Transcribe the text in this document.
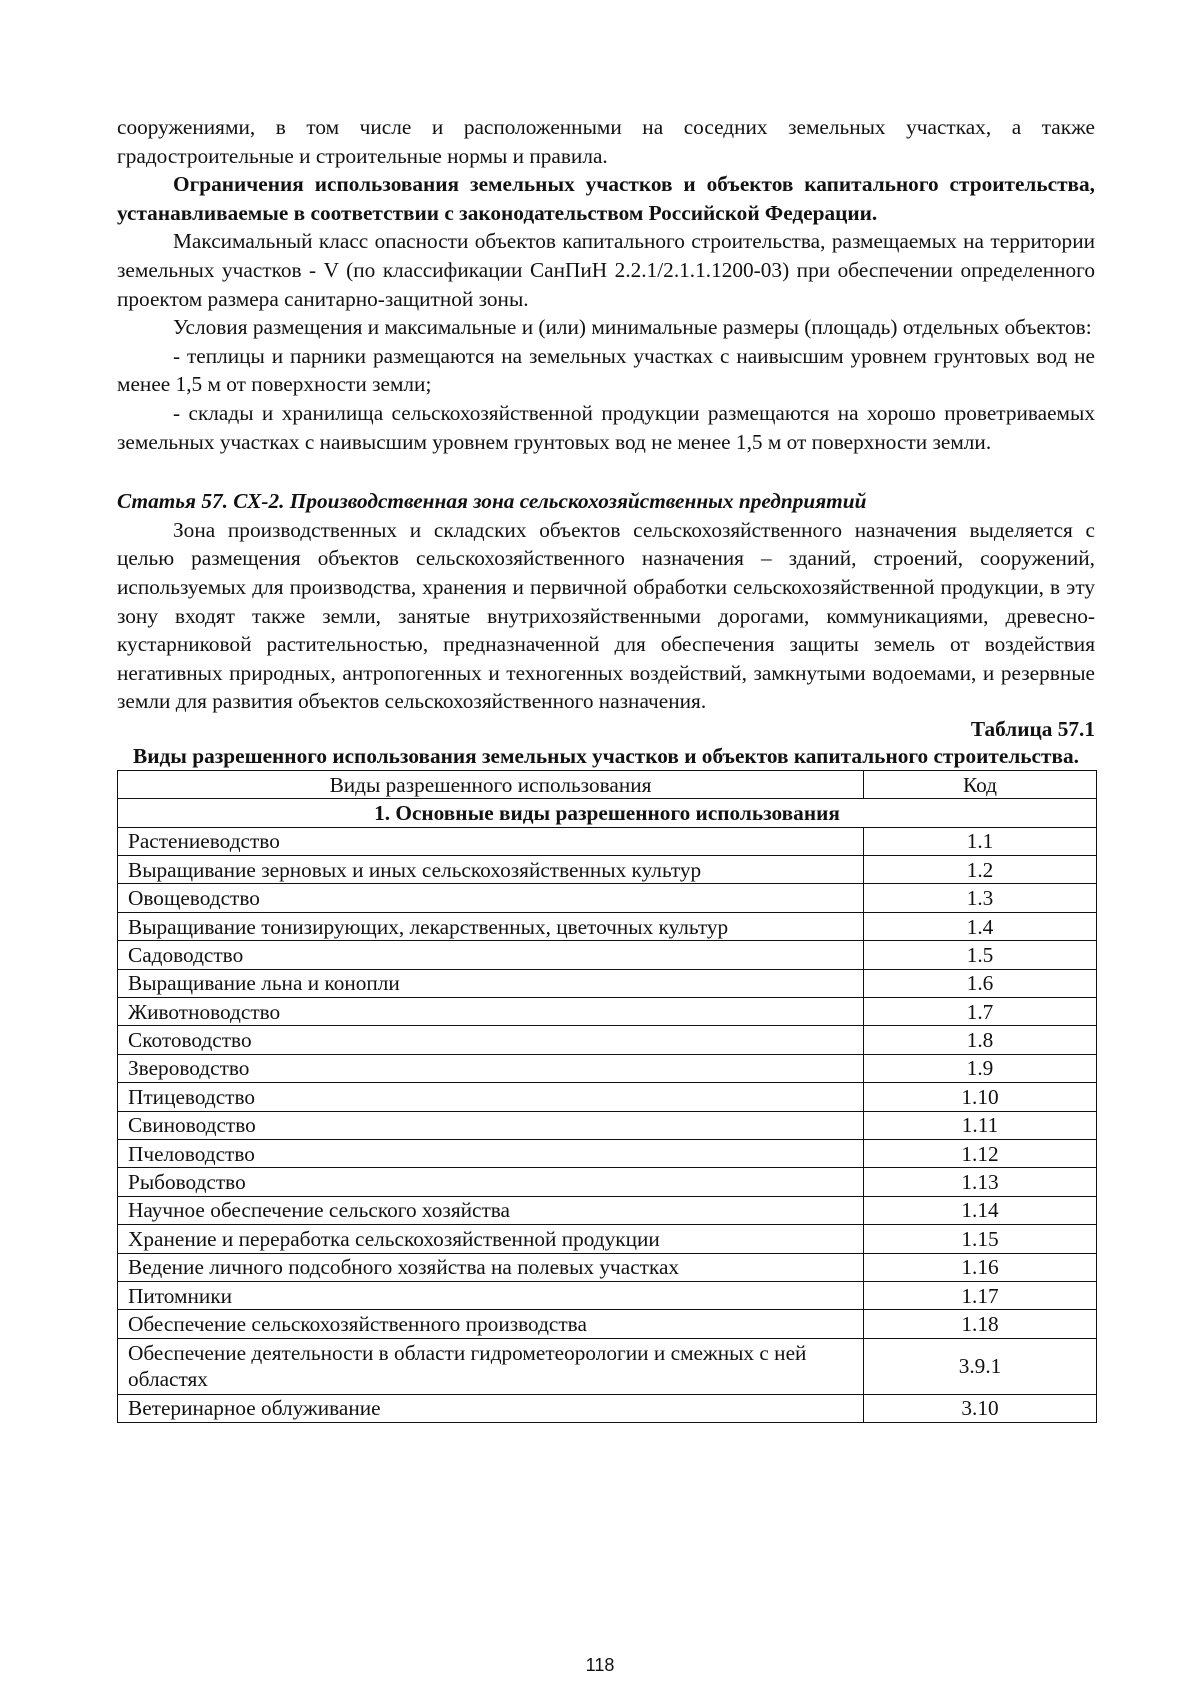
сооружениями, в том числе и расположенными на соседних земельных участках, а также градостроительные и строительные нормы и правила.

Ограничения использования земельных участков и объектов капитального строительства, устанавливаемые в соответствии с законодательством Российской Федерации.

Максимальный класс опасности объектов капитального строительства, размещаемых на территории земельных участков - V (по классификации СанПиН 2.2.1/2.1.1.1200-03) при обеспечении определенного проектом размера санитарно-защитной зоны.

Условия размещения и максимальные и (или) минимальные размеры (площадь) отдельных объектов:

- теплицы и парники размещаются на земельных участках с наивысшим уровнем грунтовых вод не менее 1,5 м от поверхности земли;

- склады и хранилища сельскохозяйственной продукции размещаются на хорошо проветриваемых земельных участках с наивысшим уровнем грунтовых вод не менее 1,5 м от поверхности земли.

Статья 57. СХ-2. Производственная зона сельскохозяйственных предприятий

Зона производственных и складских объектов сельскохозяйственного назначения выделяется с целью размещения объектов сельскохозяйственного назначения – зданий, строений, сооружений, используемых для производства, хранения и первичной обработки сельскохозяйственной продукции, в эту зону входят также земли, занятые внутрихозяйственными дорогами, коммуникациями, древесно-кустарниковой растительностью, предназначенной для обеспечения защиты земель от воздействия негативных природных, антропогенных и техногенных воздействий, замкнутыми водоемами, и резервные земли для развития объектов сельскохозяйственного назначения.

Таблица 57.1
Виды разрешенного использования земельных участков и объектов капитального строительства.
Виды разрешенного использования	Код
1. Основные виды разрешенного использования	
Растениеводство	1.1
Выращивание зерновых и иных сельскохозяйственных культур	1.2
Овощеводство	1.3
Выращивание тонизирующих, лекарственных, цветочных культур	1.4
Садоводство	1.5
Выращивание льна и конопли	1.6
Животноводство	1.7
Скотоводство	1.8
Звероводство	1.9
Птицеводство	1.10
Свиноводство	1.11
Пчеловодство	1.12
Рыбоводство	1.13
Научное обеспечение сельского хозяйства	1.14
Хранение и переработка сельскохозяйственной продукции	1.15
Ведение личного подсобного хозяйства на полевых участках	1.16
Питомники	1.17
Обеспечение сельскохозяйственного производства	1.18
Обеспечение деятельности в области гидрометеорологии и смежных с ней областях	3.9.1
Ветеринарное облуживание	3.10
118
